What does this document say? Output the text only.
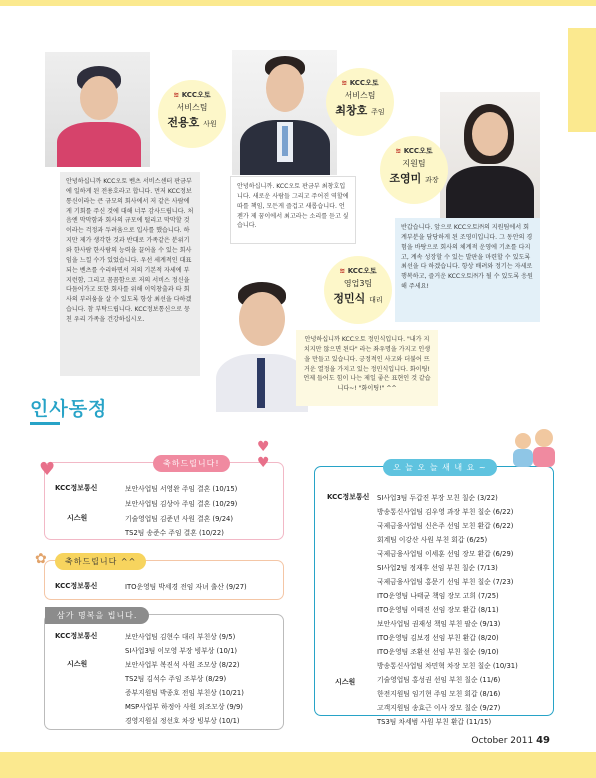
≋ KCC오토
서비스팀
전용호 사원
안녕하십니까 KCC오토 벤츠 서비스센터 판금부에 일하게 된 전용호라고 합니다. 먼저 KCC정보통신이라는 큰 규모의 회사에서 저 같은 사람에게 기회를 주신 것에 대해 너무 감사드립니다. 처음엔 막막함과 회사의 규모에 떨리고 막막할 것이라는 걱정과 두려움으로 입사를 했습니다. 하지만 제가 생각한 것과 반대로 가족같은 분위기와 한사람 한사람의 능력을 끌어올 수 있는 회사임을 느낄 수가 있었습니다. 우선 세계적인 대표되는 벤츠를 수리하면서 저의 기본적 자세에 부지런함, 그리고 꼼꼼함으로 저의 서비스 정신을 다듬어가고 또한 회사를 위해 이익창출과 타 회사의 부러움을 살 수 있도록 항상 최선을 다하겠습니다. 참 부탁드립니다. KCC정보통신으로 뭉친 우리 가족을 건강하십시오.
≋ KCC오토
서비스팀
최창호 주임
안녕하십니까. KCC오토 판금부 최창호입니다. 새로운 사람들 그리고 주어진 역할에 따를 책임, 모든게 즐겁고 새롭습니다. 언젠가 제 꿈이에서 최고라는 소리를 듣고 싶습니다.
≋ KCC오토
지원팀
조영미 과장
반갑습니다. 앞으로 KCC오토㈜의 지원팀에서 회계부분을 담당하게 된 조영미입니다. 그 동안의 경험을 바탕으로 회사의 체계적 운영에 기초를 다지고, 계속 성장할 수 있는 발판을 마련할 수 있도록 최선을 다 하겠습니다. 항상 배려와 정기는 자세로 행복하고, 즐거운 KCC오토㈜가 될 수 있도록 응원해 주세요!
≋ KCC오토
영업3팀
정민식 대리
안녕하십니까 KCC오토 정민식입니다. "내가 지치지만 않으면 된다" 라는 좌우명을 가지고 인생을 만들고 있습니다. 긍정적인 사고와 더불어 뜨거운 열정을 가지고 있는 정민식입니다. 화이팅! 언제 들어도 힘이 나는 제일 좋은 표현인 것 같습니다~! "화이팅!" ^^
인사동정
♥
♥ ♥
축하드립니다!
KCC정보통신
시스원
보안사업팀 서영완 주임 결혼 (10/15)
보안사업팀 김상아 주임 결혼 (10/29)
기술영업팀 김준년 사원 결혼 (9/24)
TS2팀 송준수 주임 결혼 (10/22)
✿	축하드립니다 ^^
KCC정보통신	ITO운영팀 박세경 전임 자녀 출산 (9/27)
삼가 명복을 빕니다.
KCC정보통신
시스원
보안사업팀 김현수 대리 부친상 (9/5)
SI사업3팀 이모영 부장 빙부상 (10/1)
보안사업부 복진석 사원 조모상 (8/22)
TS2팀 김석수 주임 조부상 (8/29)
증부지원팀 박종호 전임 부친상 (10/21)
MSP사업부 하정아 사원 외조모상 (9/9)
경영지원실 정선호 차장 빙부상 (10/1)
오 늘 오 늘 새 내 요 ~
KCC정보통신
시스원
SI사업3팀 두갑진 부장 모친 칠순 (3/22)
방송통신사업팀 김우영 과장 부친 칠순 (6/22)
국제금융사업팀 신은주 선임 모친 환갑 (6/22)
회계팀 이강산 사원 부친 회갑 (6/25)
국제금융사업팀 이세훈 선임 장모 환갑 (6/29)
SI사업2팀 정재후 선임 부친 칠순 (7/13)
국제금융사업팀 홍문기 선임 부친 칠순 (7/23)
ITO운영팀 나태균 책임 장모 고희 (7/25)
ITO운영팀 이태진 선임 장모 환갑 (8/11)
보안사업팀 권재성 책임 부친 팔순 (9/13)
ITO운영팀 김보경 선임 부친 환갑 (8/20)
ITO운영팀 조환선 선임 부친 칠순 (9/10)
방송통신사업팀 차민혁 차장 모친 칠순 (10/31)
기술영업팀 홍성권 선임 부친 칠순 (11/6)
한전지원팀 임기현 주임 모친 회갑 (8/16)
고객지원팀 송효근 이사 장모 칠순 (9/27)
TS3팀 차세범 사원 부친 환갑 (11/15)
October 2011 49
